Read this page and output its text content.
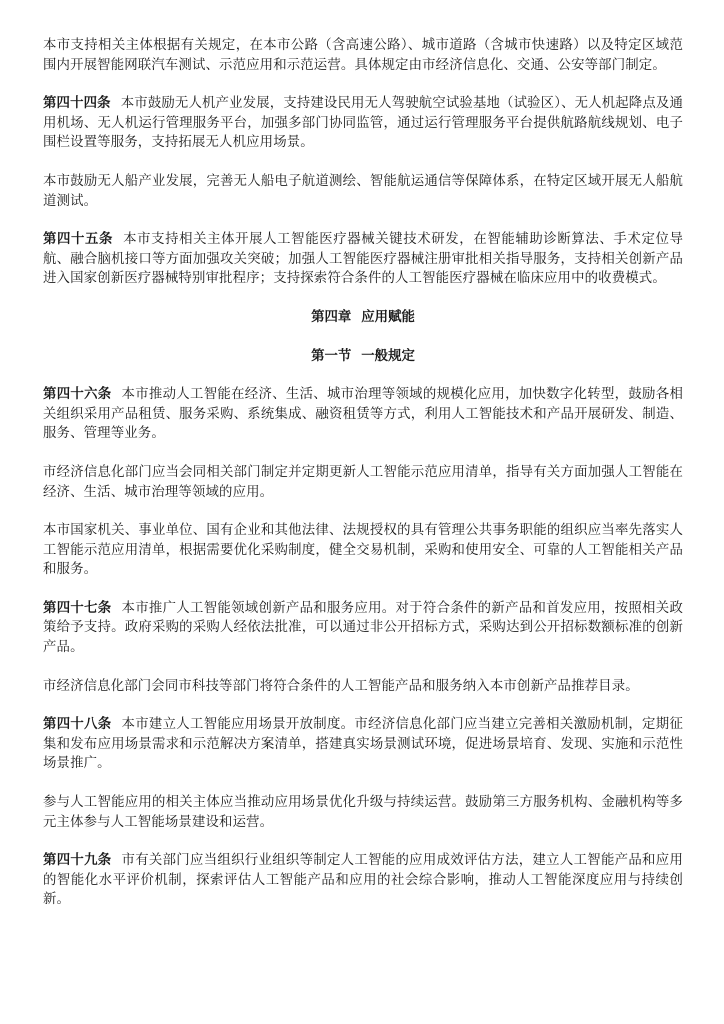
本市支持相关主体根据有关规定，在本市公路（含高速公路）、城市道路（含城市快速路）以及特定区域范围内开展智能网联汽车测试、示范应用和示范运营。具体规定由市经济信息化、交通、公安等部门制定。

第四十四条 本市鼓励无人机产业发展，支持建设民用无人驾驶航空试验基地（试验区）、无人机起降点及通用机场、无人机运行管理服务平台，加强多部门协同监管，通过运行管理服务平台提供航路航线规划、电子围栏设置等服务，支持拓展无人机应用场景。

本市鼓励无人船产业发展，完善无人船电子航道测绘、智能航运通信等保障体系，在特定区域开展无人船航道测试。

第四十五条 本市支持相关主体开展人工智能医疗器械关键技术研发，在智能辅助诊断算法、手术定位导航、融合脑机接口等方面加强攻关突破；加强人工智能医疗器械注册审批相关指导服务，支持相关创新产品进入国家创新医疗器械特别审批程序；支持探索符合条件的人工智能医疗器械在临床应用中的收费模式。

第四章 应用赋能
第一节 一般规定

第四十六条 本市推动人工智能在经济、生活、城市治理等领域的规模化应用，加快数字化转型，鼓励各相关组织采用产品租赁、服务采购、系统集成、融资租赁等方式，利用人工智能技术和产品开展研发、制造、服务、管理等业务。

市经济信息化部门应当会同相关部门制定并定期更新人工智能示范应用清单，指导有关方面加强人工智能在经济、生活、城市治理等领域的应用。

本市国家机关、事业单位、国有企业和其他法律、法规授权的具有管理公共事务职能的组织应当率先落实人工智能示范应用清单，根据需要优化采购制度，健全交易机制，采购和使用安全、可靠的人工智能相关产品和服务。

第四十七条 本市推广人工智能领域创新产品和服务应用。对于符合条件的新产品和首发应用，按照相关政策给予支持。政府采购的采购人经依法批准，可以通过非公开招标方式，采购达到公开招标数额标准的创新产品。

市经济信息化部门会同市科技等部门将符合条件的人工智能产品和服务纳入本市创新产品推荐目录。

第四十八条 本市建立人工智能应用场景开放制度。市经济信息化部门应当建立完善相关激励机制，定期征集和发布应用场景需求和示范解决方案清单，搭建真实场景测试环境，促进场景培育、发现、实施和示范性场景推广。

参与人工智能应用的相关主体应当推动应用场景优化升级与持续运营。鼓励第三方服务机构、金融机构等多元主体参与人工智能场景建设和运营。

第四十九条 市有关部门应当组织行业组织等制定人工智能的应用成效评估方法，建立人工智能产品和应用的智能化水平评价机制，探索评估人工智能产品和应用的社会综合影响，推动人工智能深度应用与持续创新。
